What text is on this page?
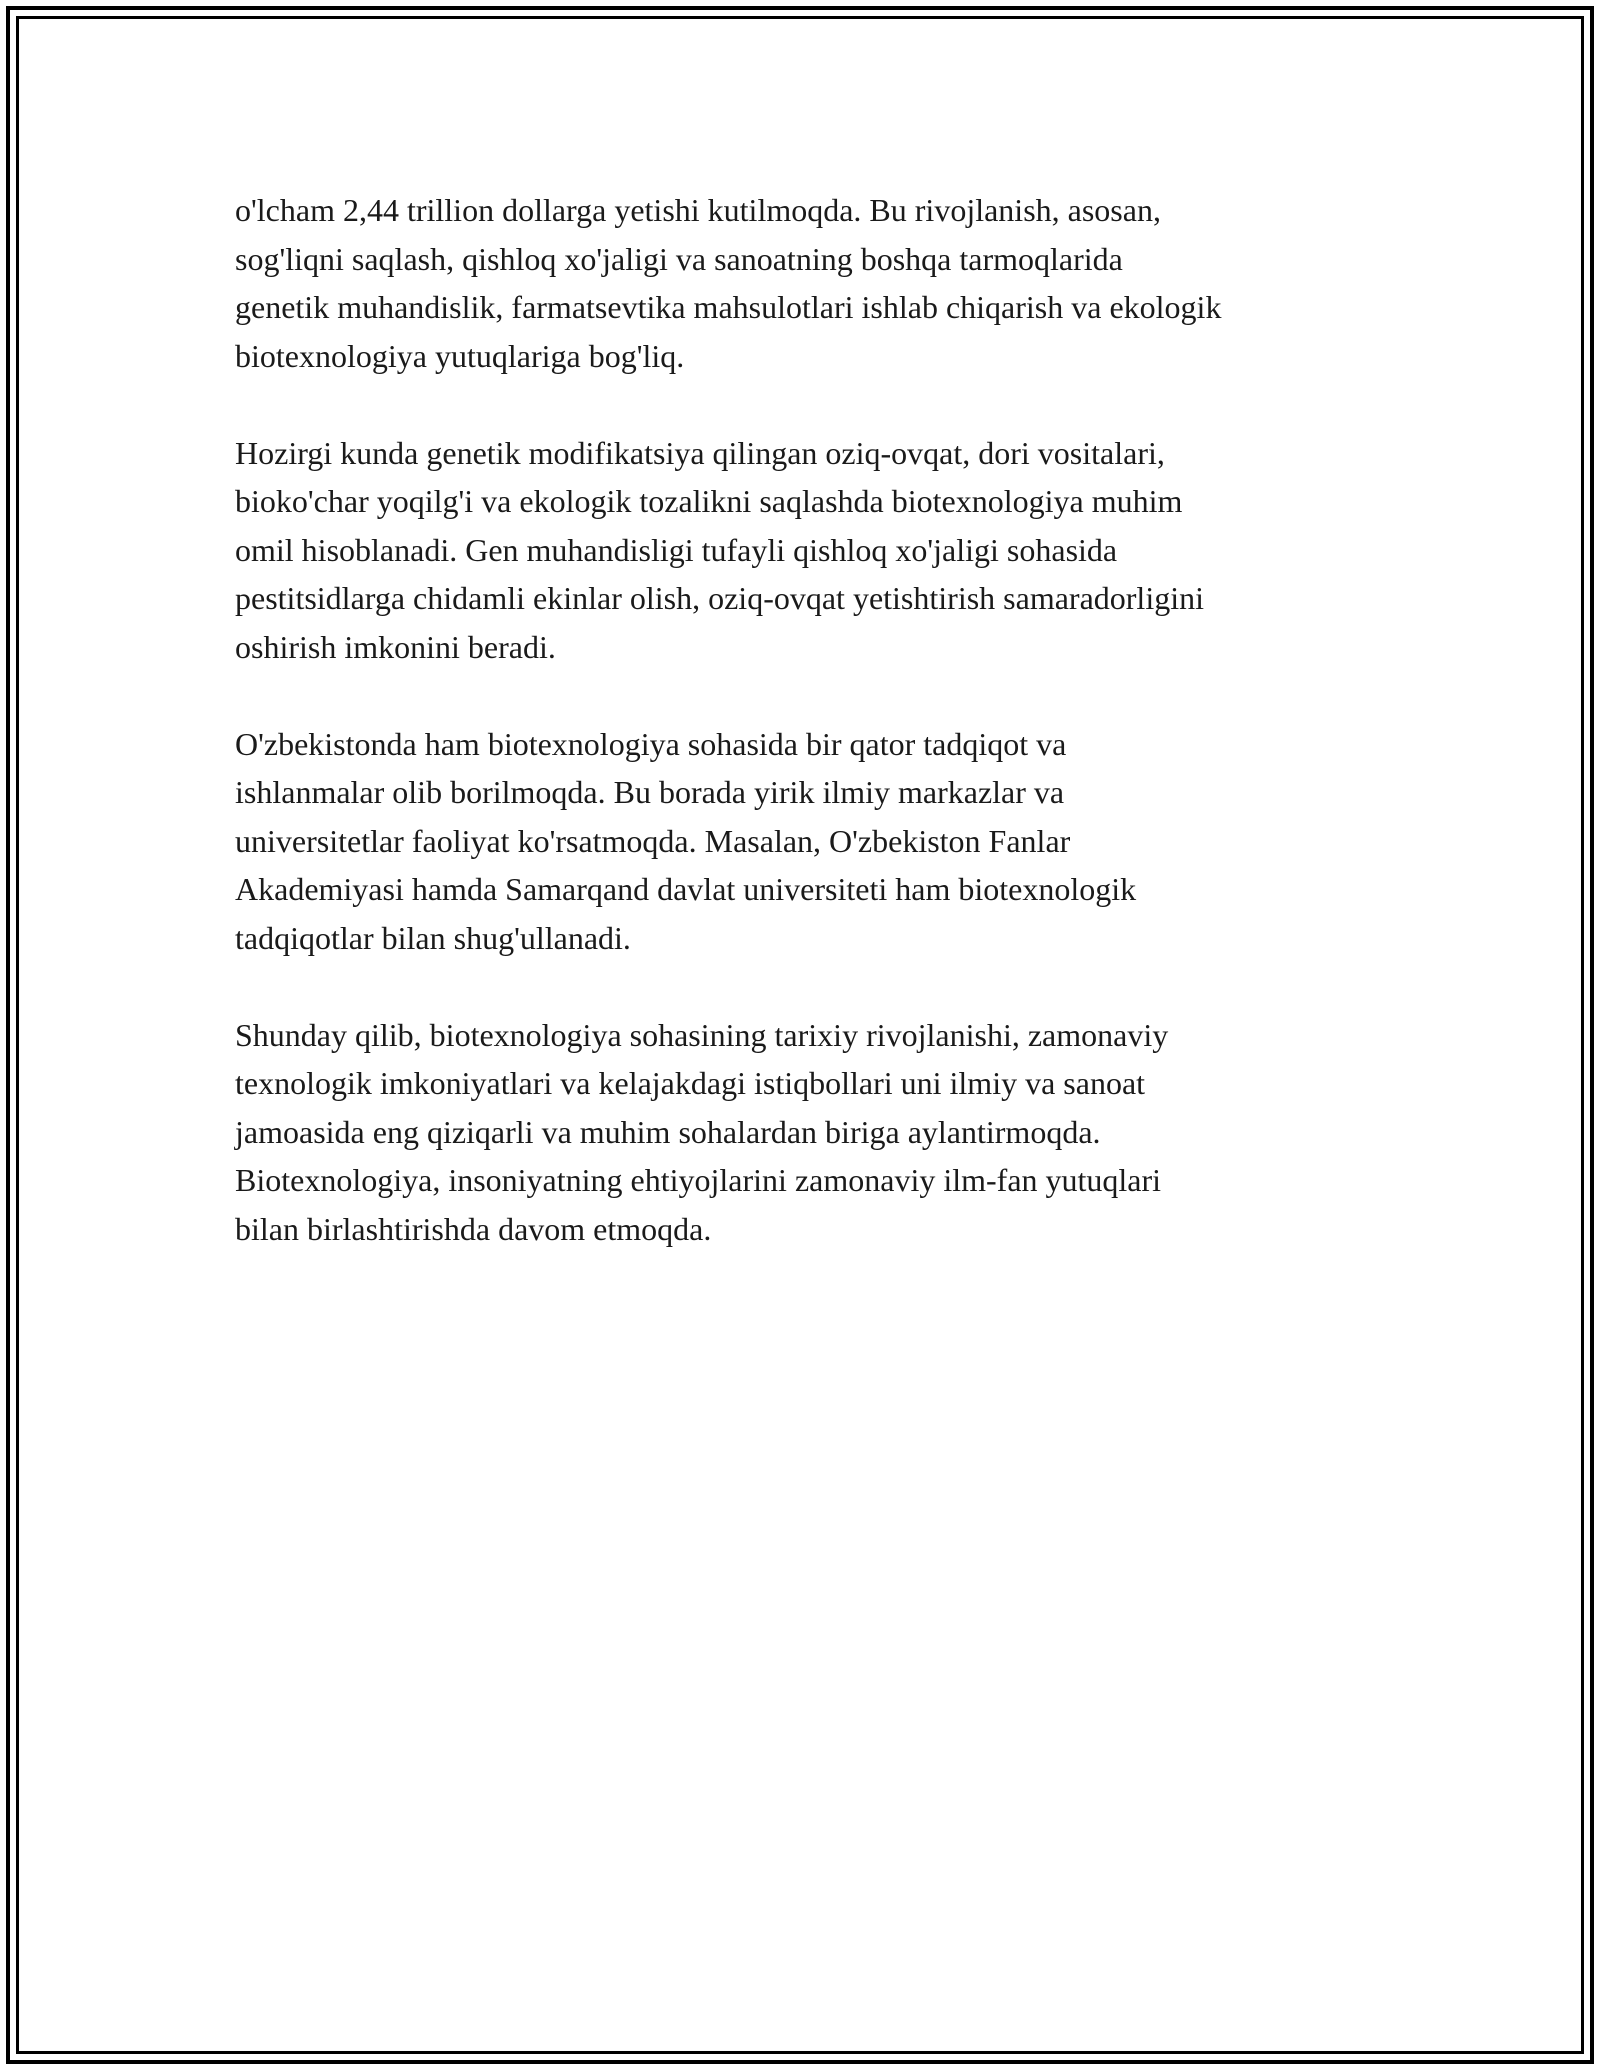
o'lcham 2,44 trillion dollarga yetishi kutilmoqda. Bu rivojlanish, asosan,
sog'liqni saqlash, qishloq xo'jaligi va sanoatning boshqa tarmoqlarida
genetik muhandislik, farmatsevtika mahsulotlari ishlab chiqarish va ekologik
biotexnologiya yutuqlariga bog'liq.

Hozirgi kunda genetik modifikatsiya qilingan oziq-ovqat, dori vositalari,
bioko'char yoqilg'i va ekologik tozalikni saqlashda biotexnologiya muhim
omil hisoblanadi. Gen muhandisligi tufayli qishloq xo'jaligi sohasida
pestitsidlarga chidamli ekinlar olish, oziq-ovqat yetishtirish samaradorligini
oshirish imkonini beradi.

O'zbekistonda ham biotexnologiya sohasida bir qator tadqiqot va
ishlanmalar olib borilmoqda. Bu borada yirik ilmiy markazlar va
universitetlar faoliyat ko'rsatmoqda. Masalan, O'zbekiston Fanlar
Akademiyasi hamda Samarqand davlat universiteti ham biotexnologik
tadqiqotlar bilan shug'ullanadi.

Shunday qilib, biotexnologiya sohasining tarixiy rivojlanishi, zamonaviy
texnologik imkoniyatlari va kelajakdagi istiqbollari uni ilmiy va sanoat
jamoasida eng qiziqarli va muhim sohalardan biriga aylantirmoqda.
Biotexnologiya, insoniyatning ehtiyojlarini zamonaviy ilm-fan yutuqlari
bilan birlashtirishda davom etmoqda.
